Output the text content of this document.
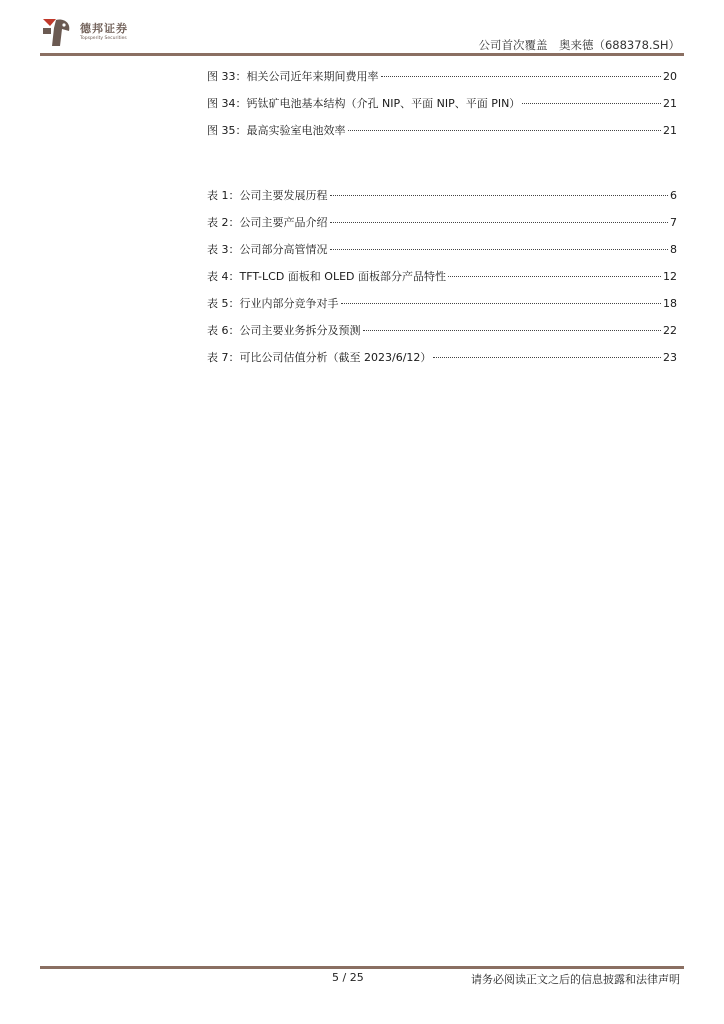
德邦证券
Topsperity Securities	公司首次覆盖　奥来德（688378.SH）
图 33：相关公司近年来期间费用率	20
图 34：钙钛矿电池基本结构（介孔 NIP、平面 NIP、平面 PIN）	21
图 35：最高实验室电池效率	21
表 1：公司主要发展历程	6
表 2：公司主要产品介绍	7
表 3：公司部分高管情况	8
表 4：TFT-LCD 面板和 OLED 面板部分产品特性	12
表 5：行业内部分竞争对手	18
表 6：公司主要业务拆分及预测	22
表 7：可比公司估值分析（截至 2023/6/12）	23
5 / 25	请务必阅读正文之后的信息披露和法律声明
